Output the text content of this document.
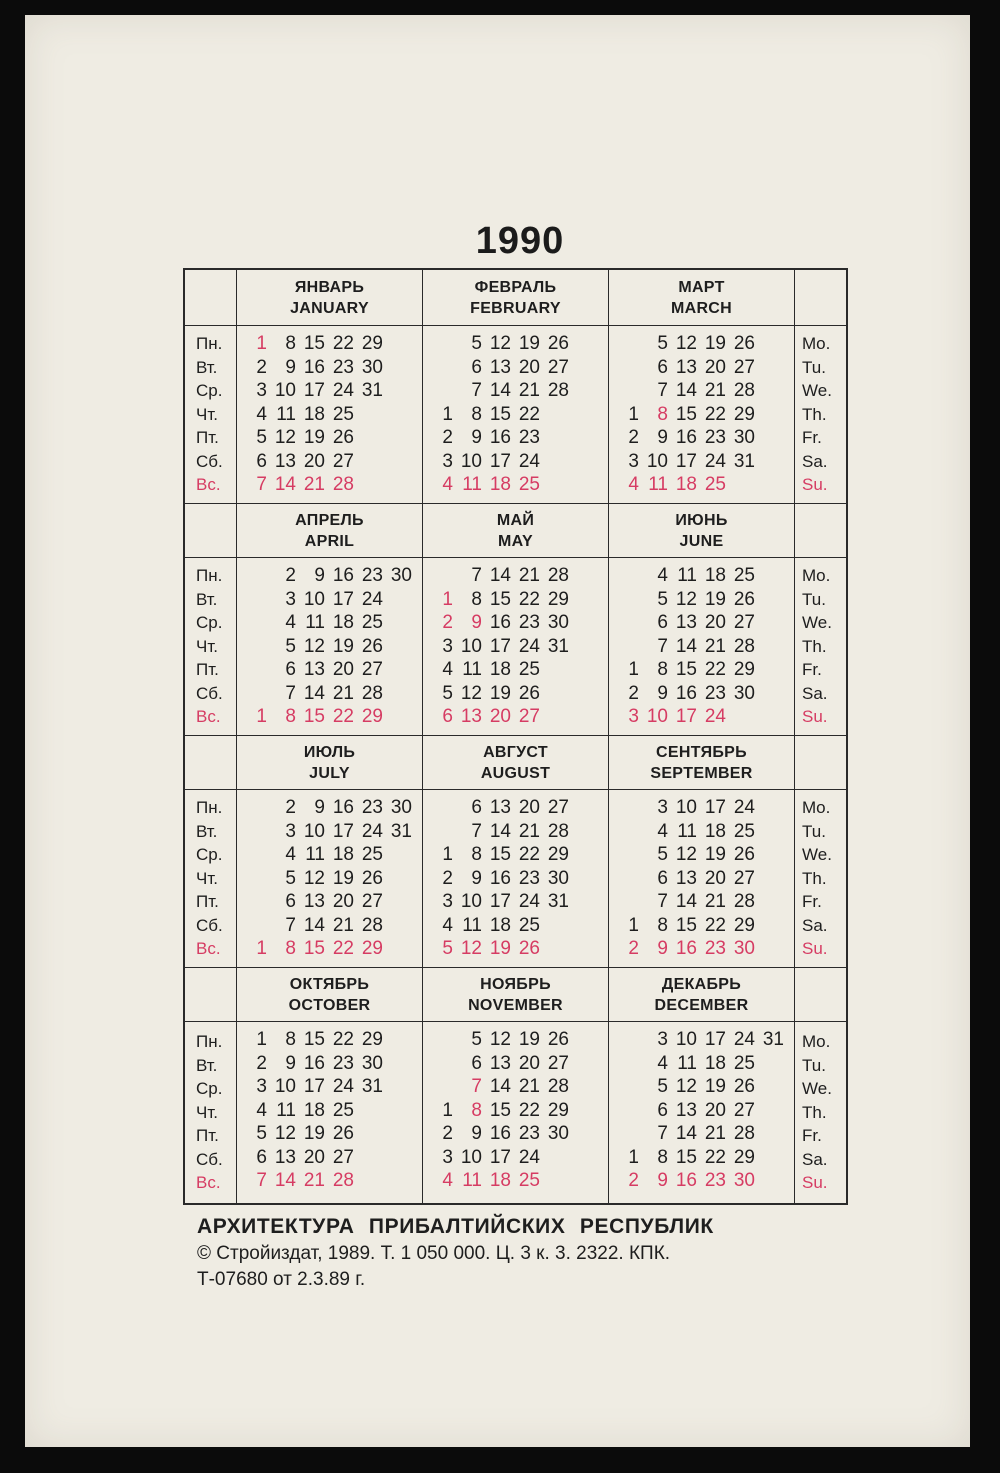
1990
ЯНВАРЬ
JANUARY
ФЕВРАЛЬ
FEBRUARY
МАРТ
MARCH
Пн.
Вт.
Ср.
Чт.
Пт.
Сб.
Вс.
1 8 15 22 29
2 9 16 23 30
3 10 17 24 31
4 11 18 25
5 12 19 26
6 13 20 27
7 14 21 28
5 12 19 26
6 13 20 27
7 14 21 28
1 8 15 22
2 9 16 23
3 10 17 24
4 11 18 25
5 12 19 26
6 13 20 27
7 14 21 28
1 8 15 22 29
2 9 16 23 30
3 10 17 24 31
4 11 18 25
Mo.
Tu.
We.
Th.
Fr.
Sa.
Su.
АПРЕЛЬ
APRIL
МАЙ
MAY
ИЮНЬ
JUNE
Пн.
Вт.
Ср.
Чт.
Пт.
Сб.
Вс.
2 9 16 23 30
3 10 17 24
4 11 18 25
5 12 19 26
6 13 20 27
7 14 21 28
1 8 15 22 29
7 14 21 28
1 8 15 22 29
2 9 16 23 30
3 10 17 24 31
4 11 18 25
5 12 19 26
6 13 20 27
4 11 18 25
5 12 19 26
6 13 20 27
7 14 21 28
1 8 15 22 29
2 9 16 23 30
3 10 17 24
Mo.
Tu.
We.
Th.
Fr.
Sa.
Su.
ИЮЛЬ
JULY
АВГУСТ
AUGUST
СЕНТЯБРЬ
SEPTEMBER
Пн.
Вт.
Ср.
Чт.
Пт.
Сб.
Вс.
2 9 16 23 30
3 10 17 24 31
4 11 18 25
5 12 19 26
6 13 20 27
7 14 21 28
1 8 15 22 29
6 13 20 27
7 14 21 28
1 8 15 22 29
2 9 16 23 30
3 10 17 24 31
4 11 18 25
5 12 19 26
3 10 17 24
4 11 18 25
5 12 19 26
6 13 20 27
7 14 21 28
1 8 15 22 29
2 9 16 23 30
Mo.
Tu.
We.
Th.
Fr.
Sa.
Su.
ОКТЯБРЬ
OCTOBER
НОЯБРЬ
NOVEMBER
ДЕКАБРЬ
DECEMBER
Пн.
Вт.
Ср.
Чт.
Пт.
Сб.
Вс.
1 8 15 22 29
2 9 16 23 30
3 10 17 24 31
4 11 18 25
5 12 19 26
6 13 20 27
7 14 21 28
5 12 19 26
6 13 20 27
7 14 21 28
1 8 15 22 29
2 9 16 23 30
3 10 17 24
4 11 18 25
3 10 17 24 31
4 11 18 25
5 12 19 26
6 13 20 27
7 14 21 28
1 8 15 22 29
2 9 16 23 30
Mo.
Tu.
We.
Th.
Fr.
Sa.
Su.
АРХИТЕКТУРА ПРИБАЛТИЙСКИХ РЕСПУБЛИК
© Стройиздат, 1989. Т. 1 050 000. Ц. 3 к. 3. 2322. КПК.
Т-07680 от 2.3.89 г.
